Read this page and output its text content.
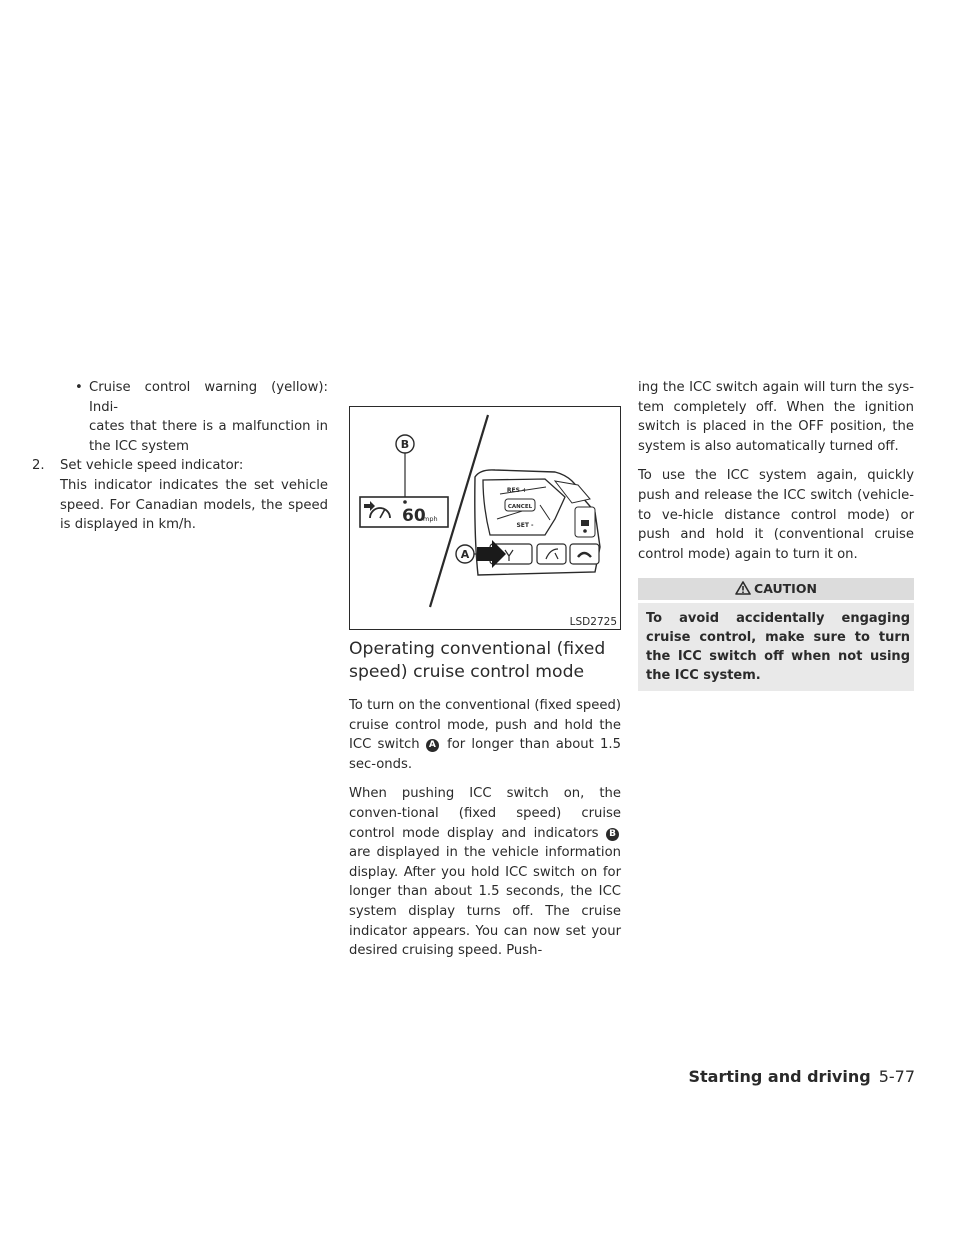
• Cruise control warning (yellow): Indi-
cates that there is a malfunction in the ICC system
2.	Set vehicle speed indicator:
This indicator indicates the set vehicle speed. For Canadian models, the speed is displayed in km/h.	60
mph
B
RES +
CANCEL
SET -
A
LSD2725
Operating conventional (fixed speed) cruise control mode

To turn on the conventional (fixed speed) cruise control mode, push and hold the ICC switch A for longer than about 1.5 sec-onds.

When pushing ICC switch on, the conven-tional (fixed speed) cruise control mode display and indicators B are displayed in the vehicle information display. After you hold ICC switch on for longer than about 1.5 seconds, the ICC system display turns off. The cruise indicator appears. You can now set your desired cruising speed. Push-

ing the ICC switch again will turn the sys-tem completely off. When the ignition switch is placed in the OFF position, the system is also automatically turned off.

To use the ICC system again, quickly push and release the ICC switch (vehicle-to ve-hicle distance control mode) or push and hold it (conventional cruise control mode) again to turn it on.

CAUTION
To avoid accidentally engaging cruise control, make sure to turn the ICC switch off when not using the ICC system.
Starting and driving 5-77
